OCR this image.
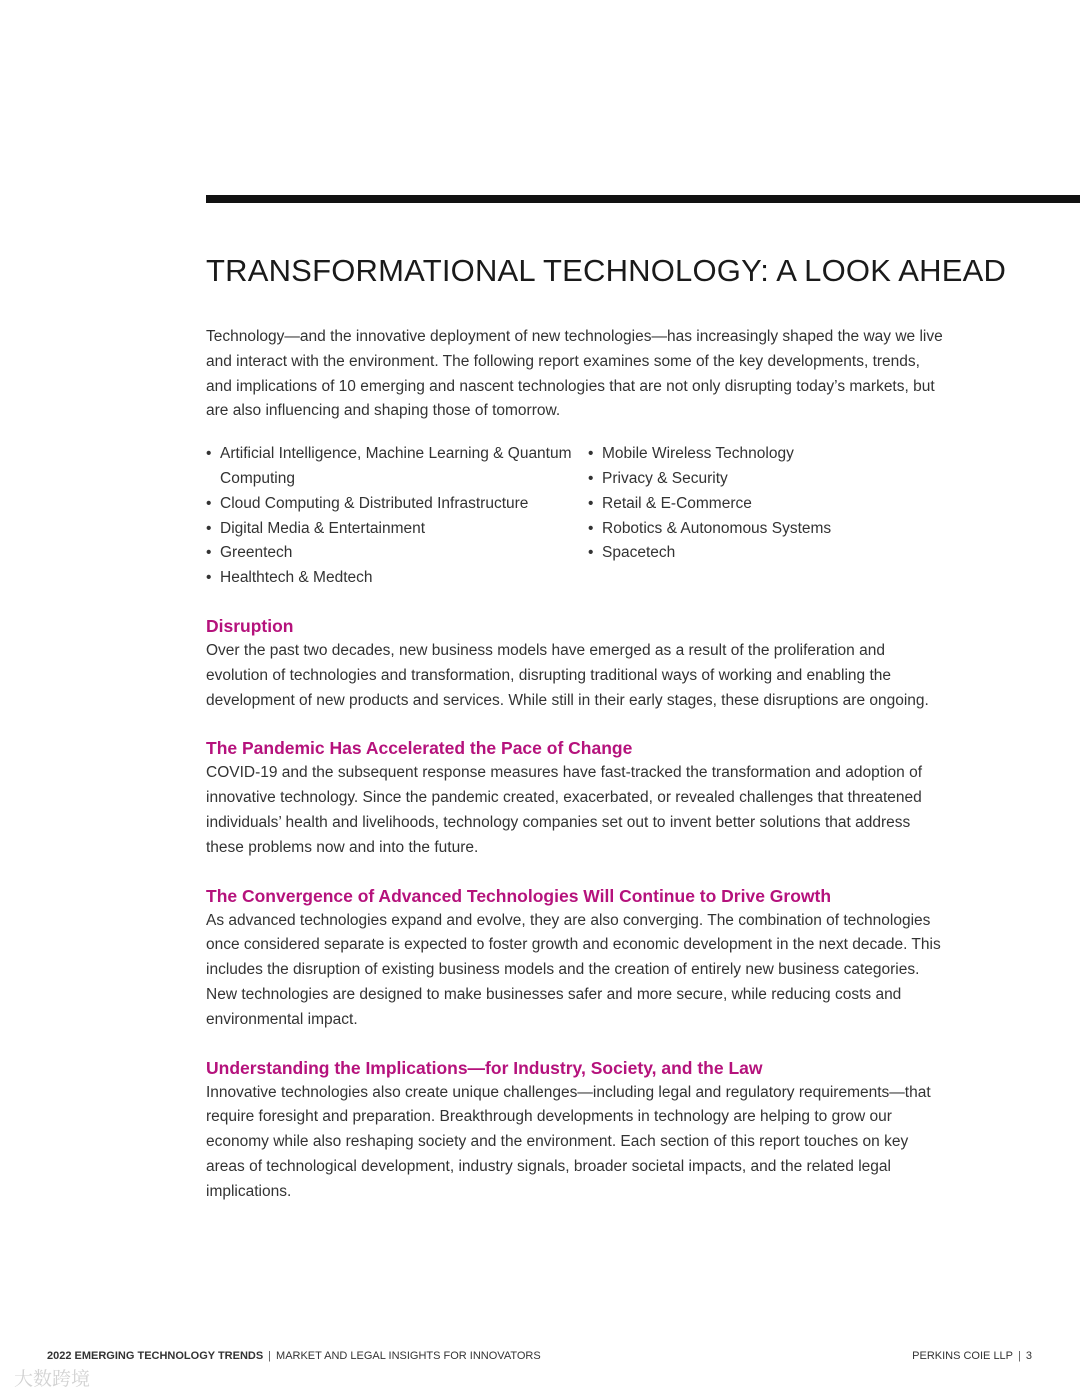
TRANSFORMATIONAL TECHNOLOGY: A LOOK AHEAD

Technology—and the innovative deployment of new technologies—has increasingly shaped the way we live and interact with the environment. The following report examines some of the key developments, trends, and implications of 10 emerging and nascent technologies that are not only disrupting today’s markets, but are also influencing and shaping those of tomorrow.

• Artificial Intelligence, Machine Learning & Quantum Computing
• Cloud Computing & Distributed Infrastructure
• Digital Media & Entertainment
• Greentech
• Healthtech & Medtech
• Mobile Wireless Technology
• Privacy & Security
• Retail & E-Commerce
• Robotics & Autonomous Systems
• Spacetech
Disruption

Over the past two decades, new business models have emerged as a result of the proliferation and evolution of technologies and transformation, disrupting traditional ways of working and enabling the development of new products and services. While still in their early stages, these disruptions are ongoing.

The Pandemic Has Accelerated the Pace of Change

COVID-19 and the subsequent response measures have fast-tracked the transformation and adoption of innovative technology. Since the pandemic created, exacerbated, or revealed challenges that threatened individuals’ health and livelihoods, technology companies set out to invent better solutions that address these problems now and into the future.

The Convergence of Advanced Technologies Will Continue to Drive Growth

As advanced technologies expand and evolve, they are also converging. The combination of technologies once considered separate is expected to foster growth and economic development in the next decade. This includes the disruption of existing business models and the creation of entirely new business categories. New technologies are designed to make businesses safer and more secure, while reducing costs and environmental impact.

Understanding the Implications—for Industry, Society, and the Law

Innovative technologies also create unique challenges—including legal and regulatory requirements—that require foresight and preparation. Breakthrough developments in technology are helping to grow our economy while also reshaping society and the environment. Each section of this report touches on key areas of technological development, industry signals, broader societal impacts, and the related legal implications.

2022 EMERGING TECHNOLOGY TRENDS | MARKET AND LEGAL INSIGHTS FOR INNOVATORS	PERKINS COIE LLP | 3
大数跨境
